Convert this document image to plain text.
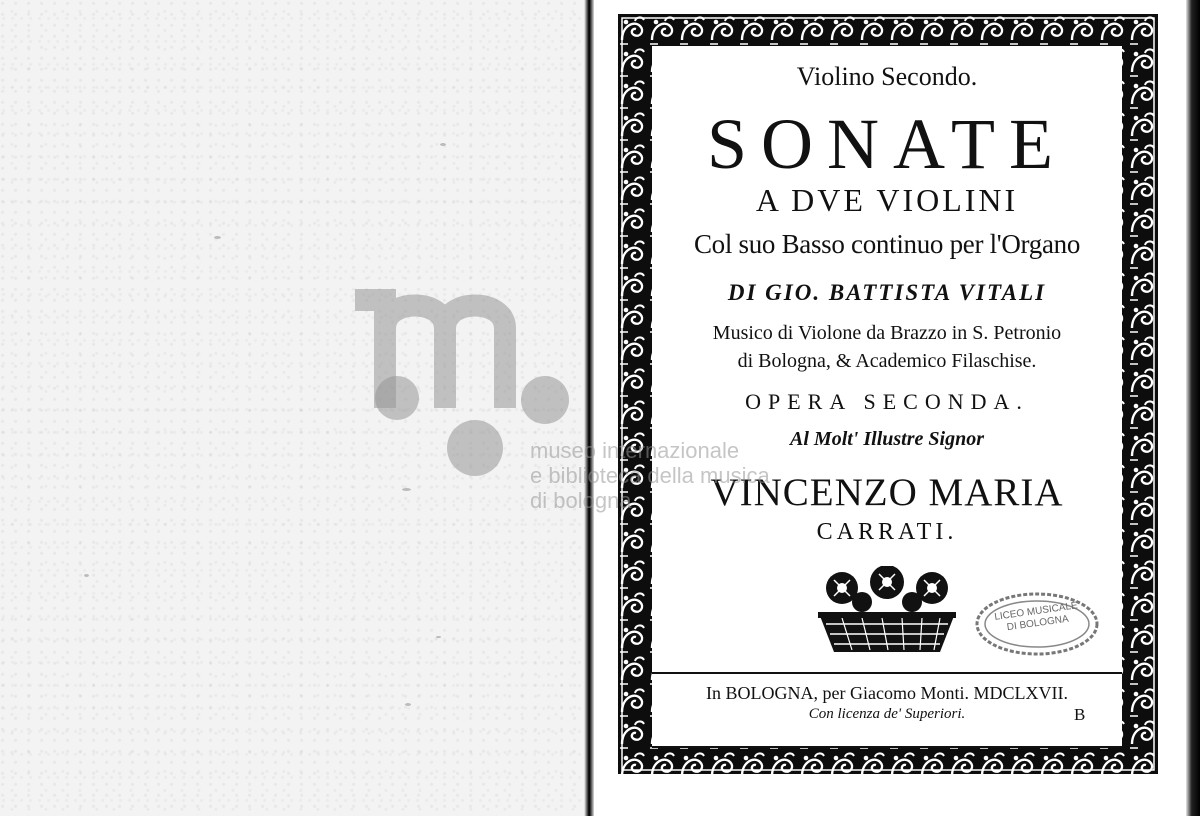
Violino Secondo.

SONATE

A DVE VIOLINI

Col suo Basso continuo per l'Organo

DI GIO. BATTISTA VITALI

Musico di Violone da Brazzo in S. Petronio

di Bologna, & Academico Filaschise.

OPERA SECONDA.

Al Molt' Illustre Signor

VINCENZO MARIA

CARRATI.

LICEO MUSICALE DI BOLOGNA

In BOLOGNA, per Giacomo Monti. MDCLXVII.

Con licenza de' Superiori.	B

museo internazionale
e biblioteca della musica
di bologna
